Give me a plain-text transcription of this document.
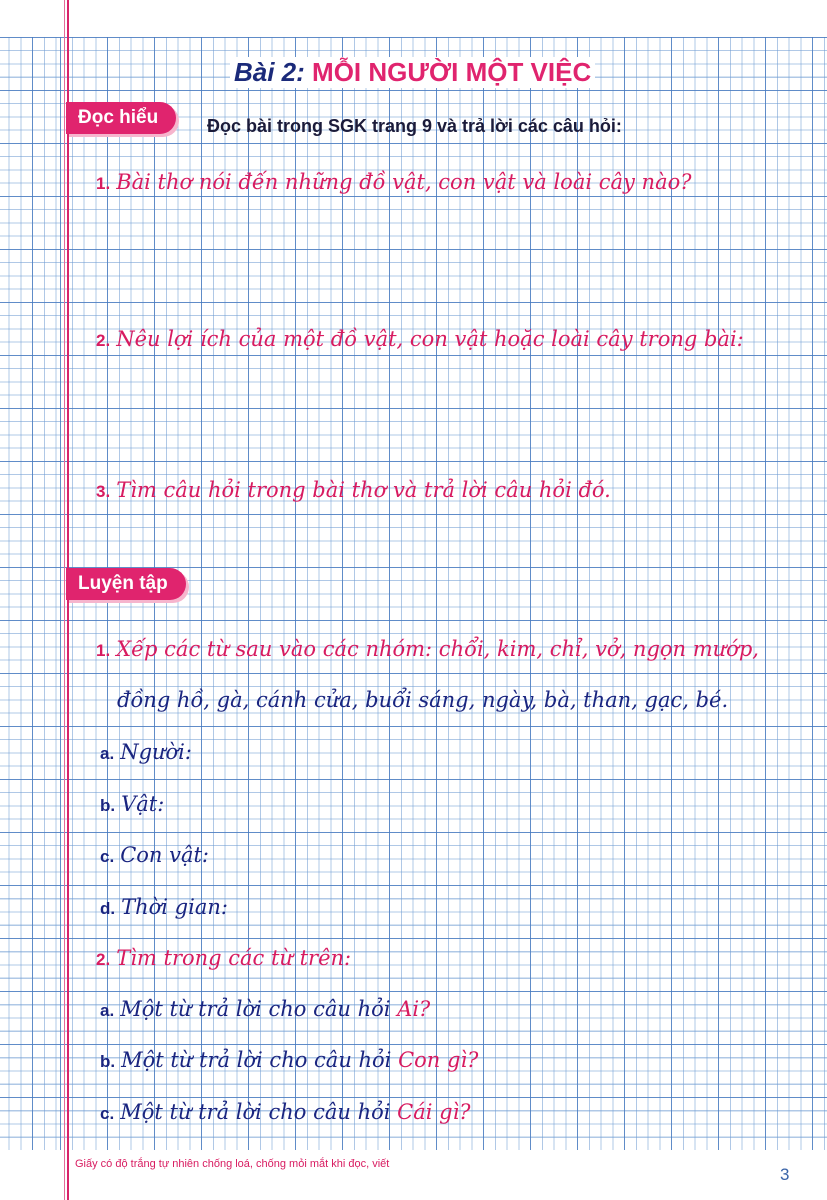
Bài 2: MỖI NGƯỜI MỘT VIỆC
Đọc hiểu	Đọc bài trong SGK trang 9 và trả lời các câu hỏi:
1. Bài thơ nói đến những đồ vật, con vật và loài cây nào?
2. Nêu lợi ích của một đồ vật, con vật hoặc loài cây trong bài:
3. Tìm câu hỏi trong bài thơ và trả lời câu hỏi đó.
Luyện tập
1. Xếp các từ sau vào các nhóm: chổi, kim, chỉ, vở, ngọn mướp,
đồng hồ, gà, cánh cửa, buổi sáng, ngày, bà, than, gạc, bé.
a. Người:
b. Vật:
c. Con vật:
d. Thời gian:
2. Tìm trong các từ trên:
a. Một từ trả lời cho câu hỏi Ai?
b. Một từ trả lời cho câu hỏi Con gì?
c. Một từ trả lời cho câu hỏi Cái gì?
Giấy có độ trắng tự nhiên chống loá, chống mỏi mắt khi đọc, viết
3
